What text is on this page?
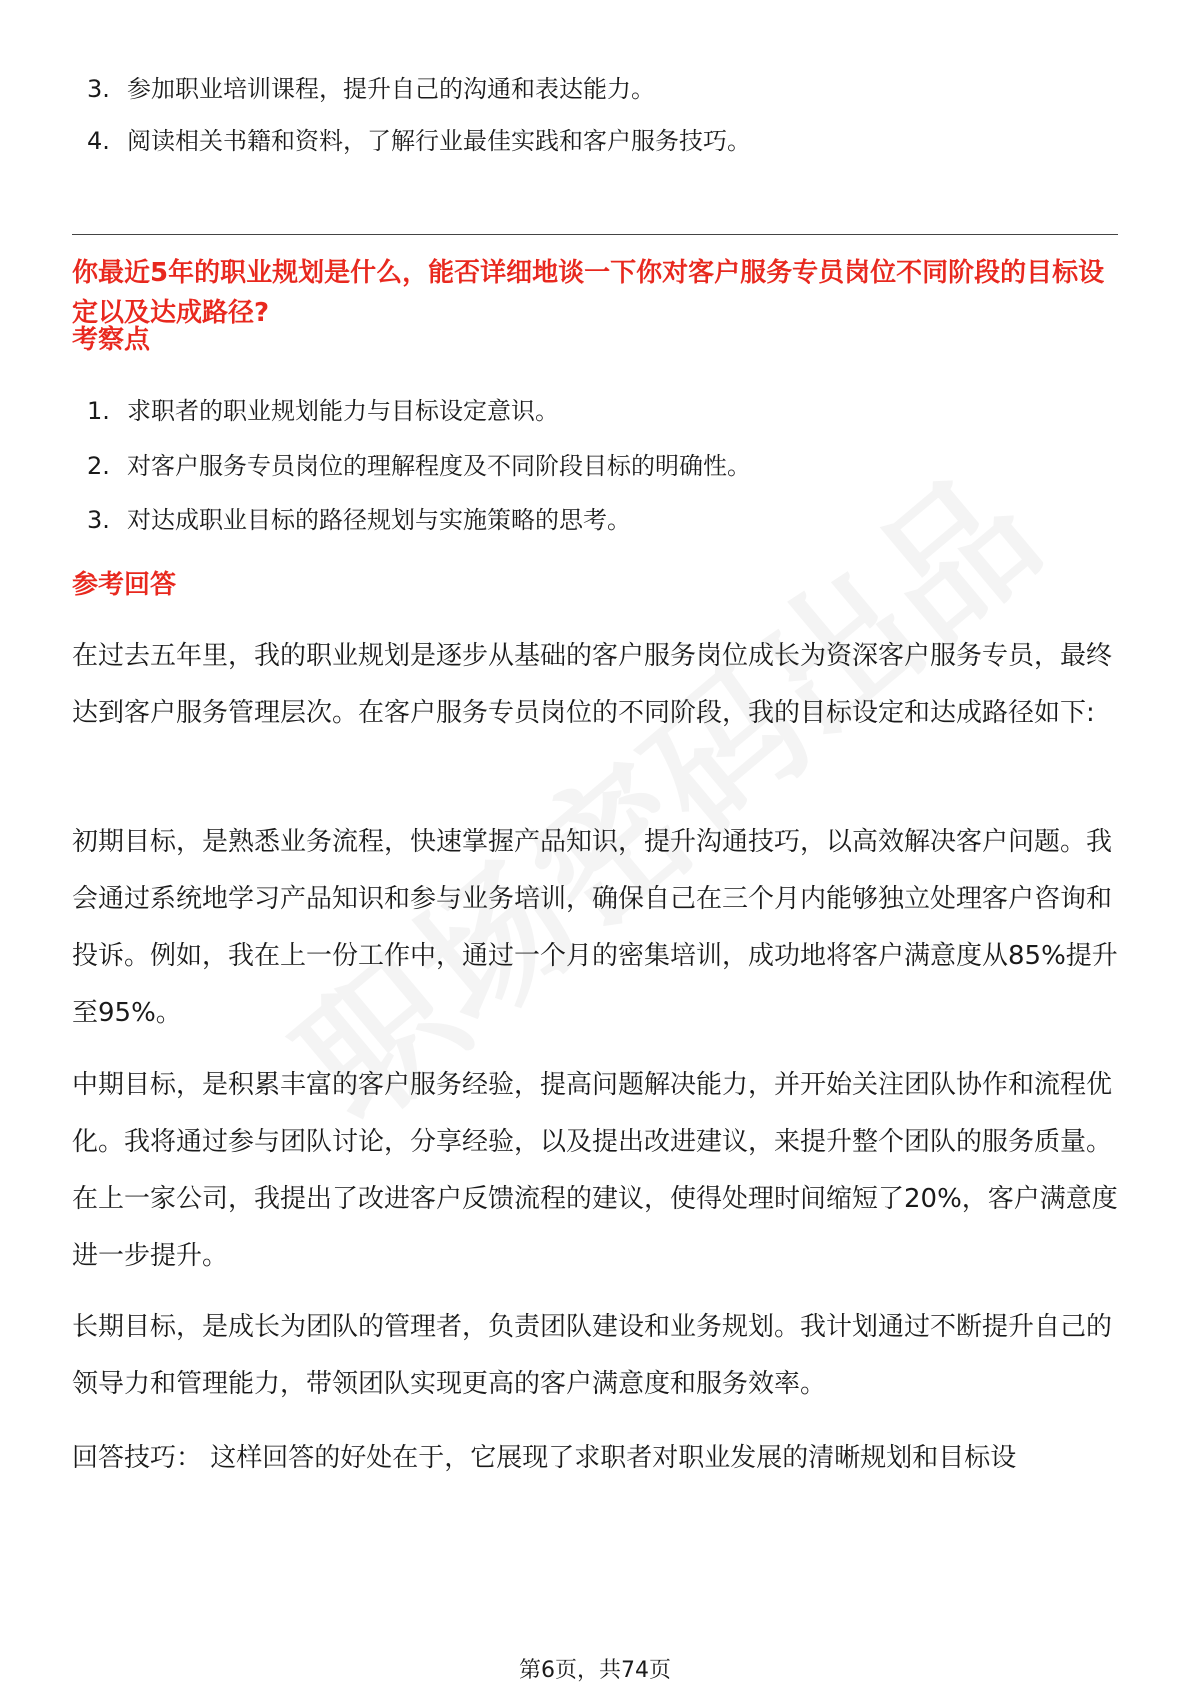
3. 参加职业培训课程，提升自己的沟通和表达能力。
4. 阅读相关书籍和资料，了解行业最佳实践和客户服务技巧。
你最近5年的职业规划是什么，能否详细地谈一下你对客户服务专员岗位不同阶段的目标设定以及达成路径?
考察点
1. 求职者的职业规划能力与目标设定意识。
2. 对客户服务专员岗位的理解程度及不同阶段目标的明确性。
3. 对达成职业目标的路径规划与实施策略的思考。
参考回答
在过去五年里，我的职业规划是逐步从基础的客户服务岗位成长为资深客户服务专员，最终达到客户服务管理层次。在客户服务专员岗位的不同阶段，我的目标设定和达成路径如下:
初期目标，是熟悉业务流程，快速掌握产品知识，提升沟通技巧，以高效解决客户问题。我会通过系统地学习产品知识和参与业务培训，确保自己在三个月内能够独立处理客户咨询和投诉。例如，我在上一份工作中，通过一个月的密集培训，成功地将客户满意度从85%提升至95%。
中期目标，是积累丰富的客户服务经验，提高问题解决能力，并开始关注团队协作和流程优化。我将通过参与团队讨论，分享经验，以及提出改进建议，来提升整个团队的服务质量。在上一家公司，我提出了改进客户反馈流程的建议，使得处理时间缩短了20%，客户满意度进一步提升。
长期目标，是成长为团队的管理者，负责团队建设和业务规划。我计划通过不断提升自己的领导力和管理能力，带领团队实现更高的客户满意度和服务效率。
回答技巧： 这样回答的好处在于，它展现了求职者对职业发展的清晰规划和目标设
第6页，共74页
